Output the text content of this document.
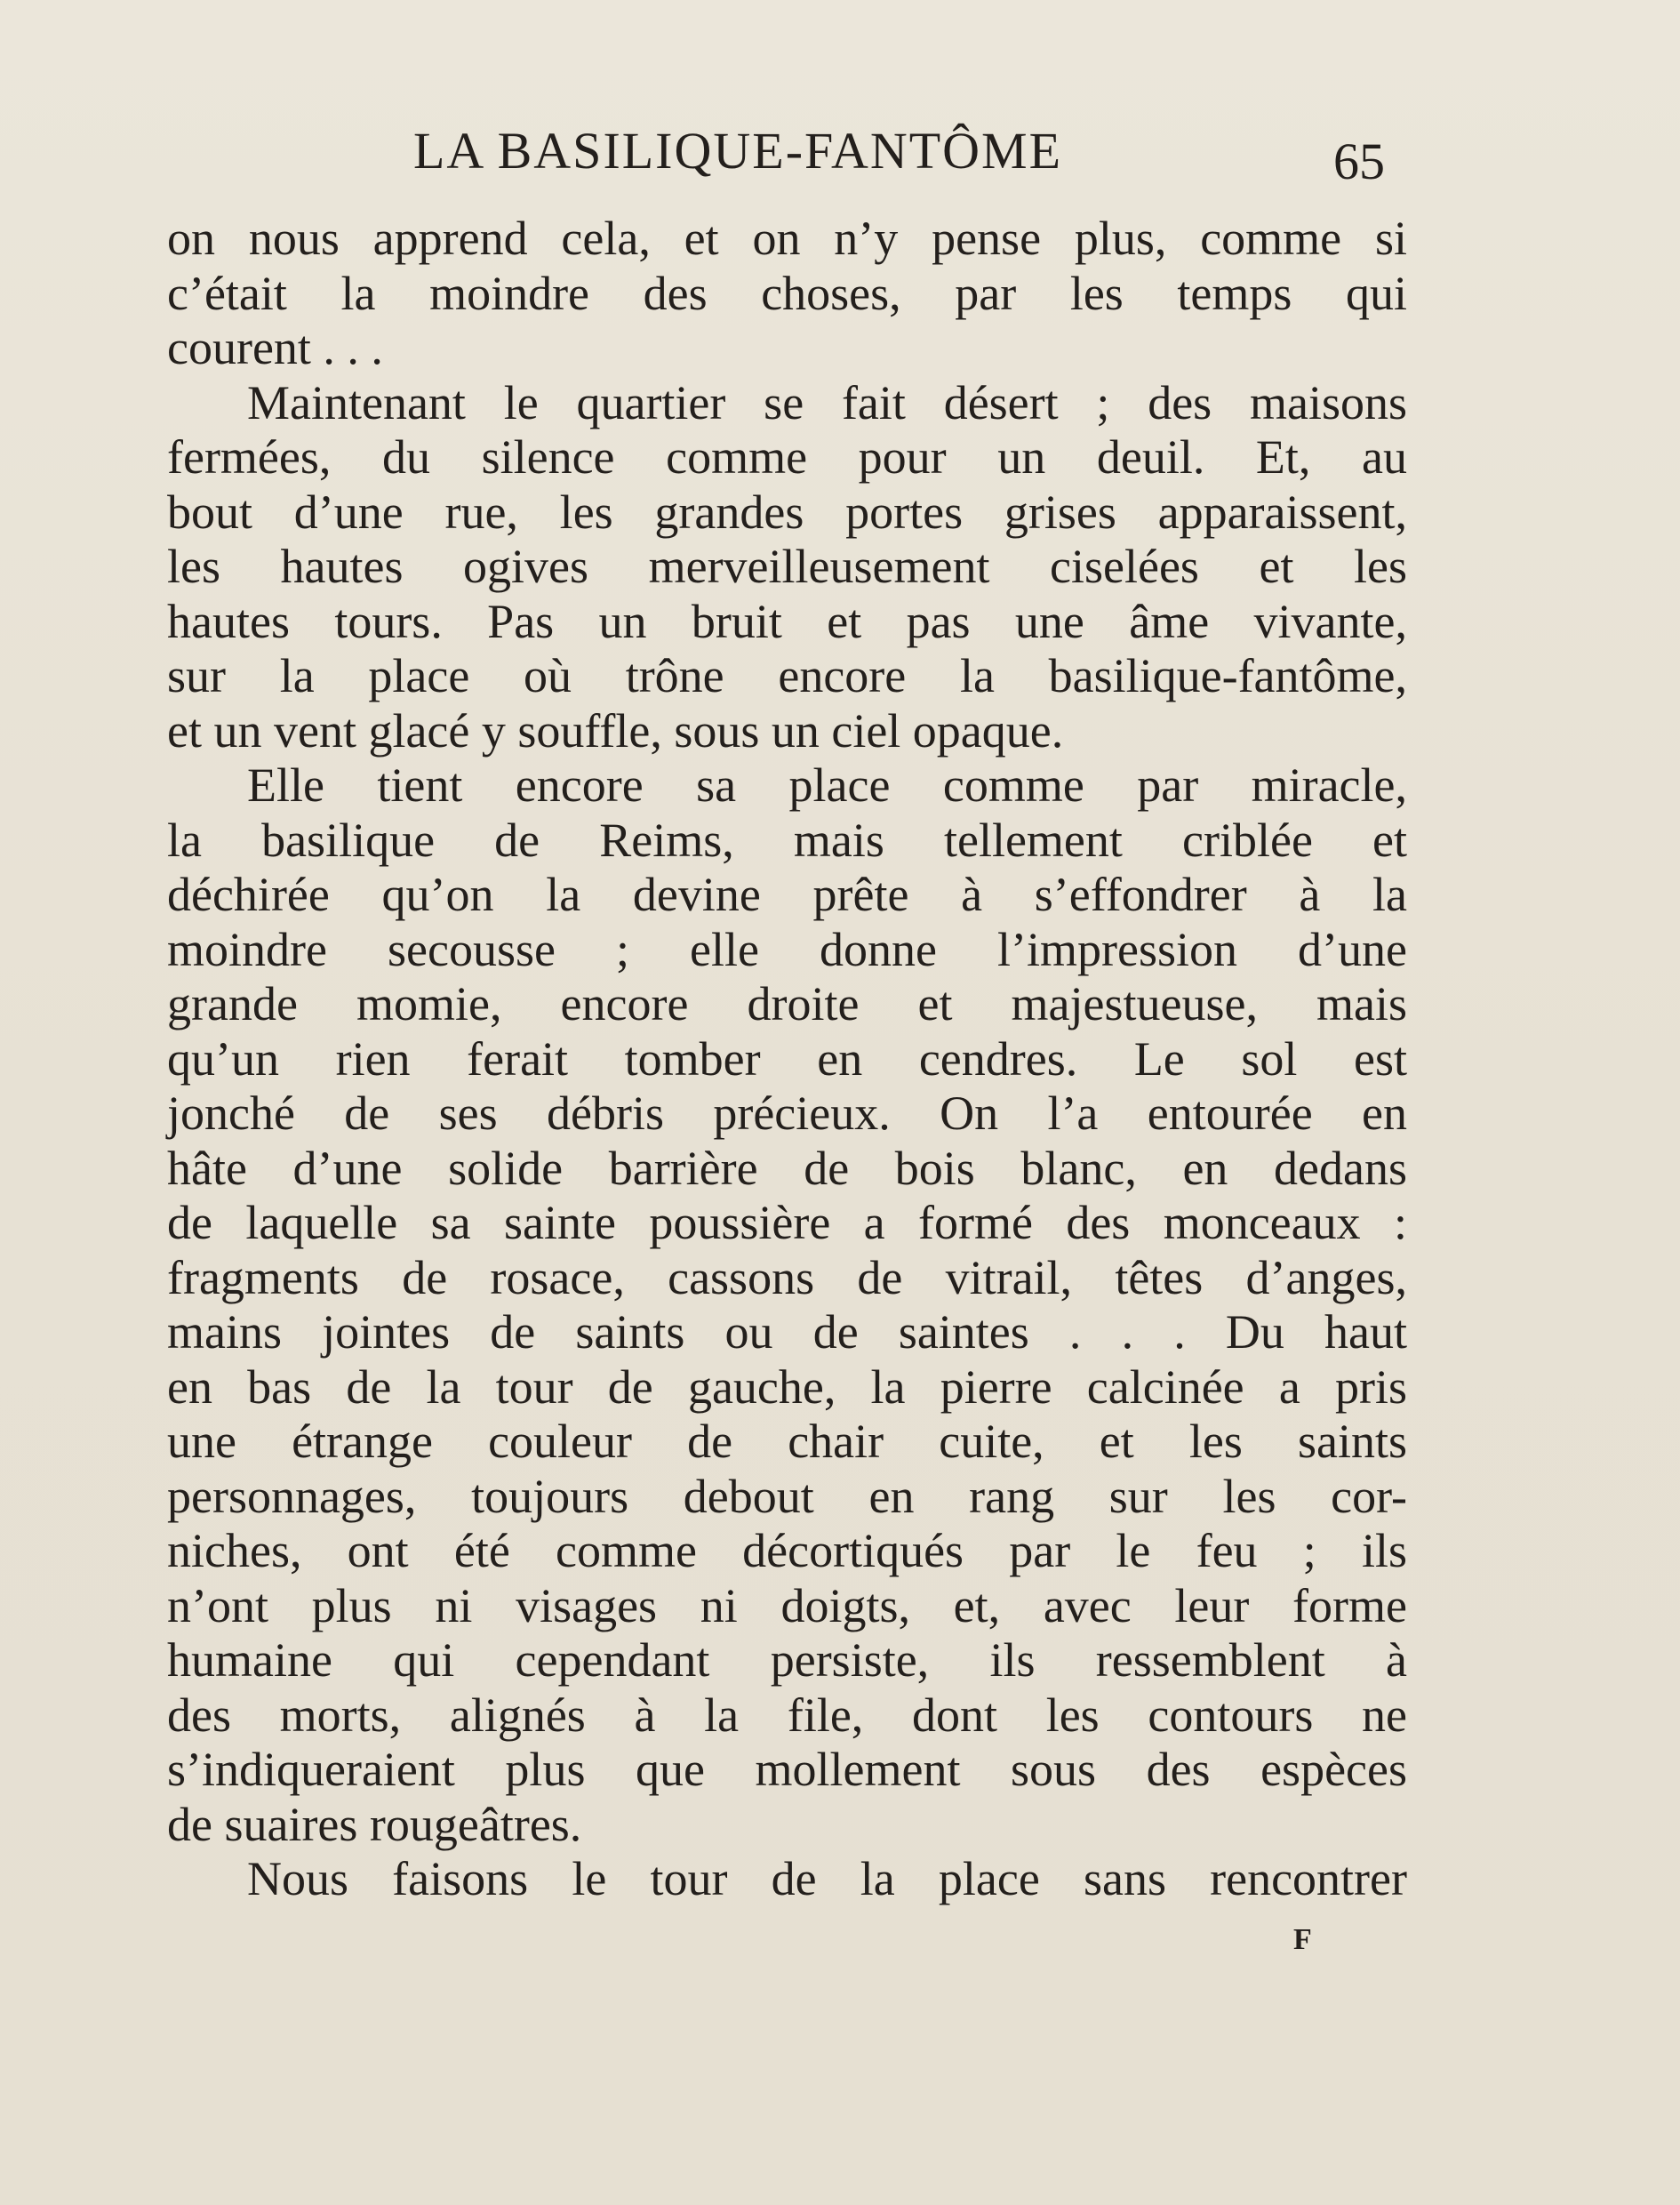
LA BASILIQUE-FANTÔME	65
on nous apprend cela, et on n’y pense plus, comme si
c’était la moindre des choses, par les temps qui
courent . . .
Maintenant le quartier se fait désert ; des maisons
fermées, du silence comme pour un deuil. Et, au
bout d’une rue, les grandes portes grises apparaissent,
les hautes ogives merveilleusement ciselées et les
hautes tours. Pas un bruit et pas une âme vivante,
sur la place où trône encore la basilique-fantôme,
et un vent glacé y souffle, sous un ciel opaque.
Elle tient encore sa place comme par miracle,
la basilique de Reims, mais tellement criblée et
déchirée qu’on la devine prête à s’effondrer à la
moindre secousse ; elle donne l’impression d’une
grande momie, encore droite et majestueuse, mais
qu’un rien ferait tomber en cendres. Le sol est
jonché de ses débris précieux. On l’a entourée en
hâte d’une solide barrière de bois blanc, en dedans
de laquelle sa sainte poussière a formé des monceaux :
fragments de rosace, cassons de vitrail, têtes d’anges,
mains jointes de saints ou de saintes . . . Du haut
en bas de la tour de gauche, la pierre calcinée a pris
une étrange couleur de chair cuite, et les saints
personnages, toujours debout en rang sur les cor-
niches, ont été comme décortiqués par le feu ; ils
n’ont plus ni visages ni doigts, et, avec leur forme
humaine qui cependant persiste, ils ressemblent à
des morts, alignés à la file, dont les contours ne
s’indiqueraient plus que mollement sous des espèces
de suaires rougeâtres.
Nous faisons le tour de la place sans rencontrer
F
